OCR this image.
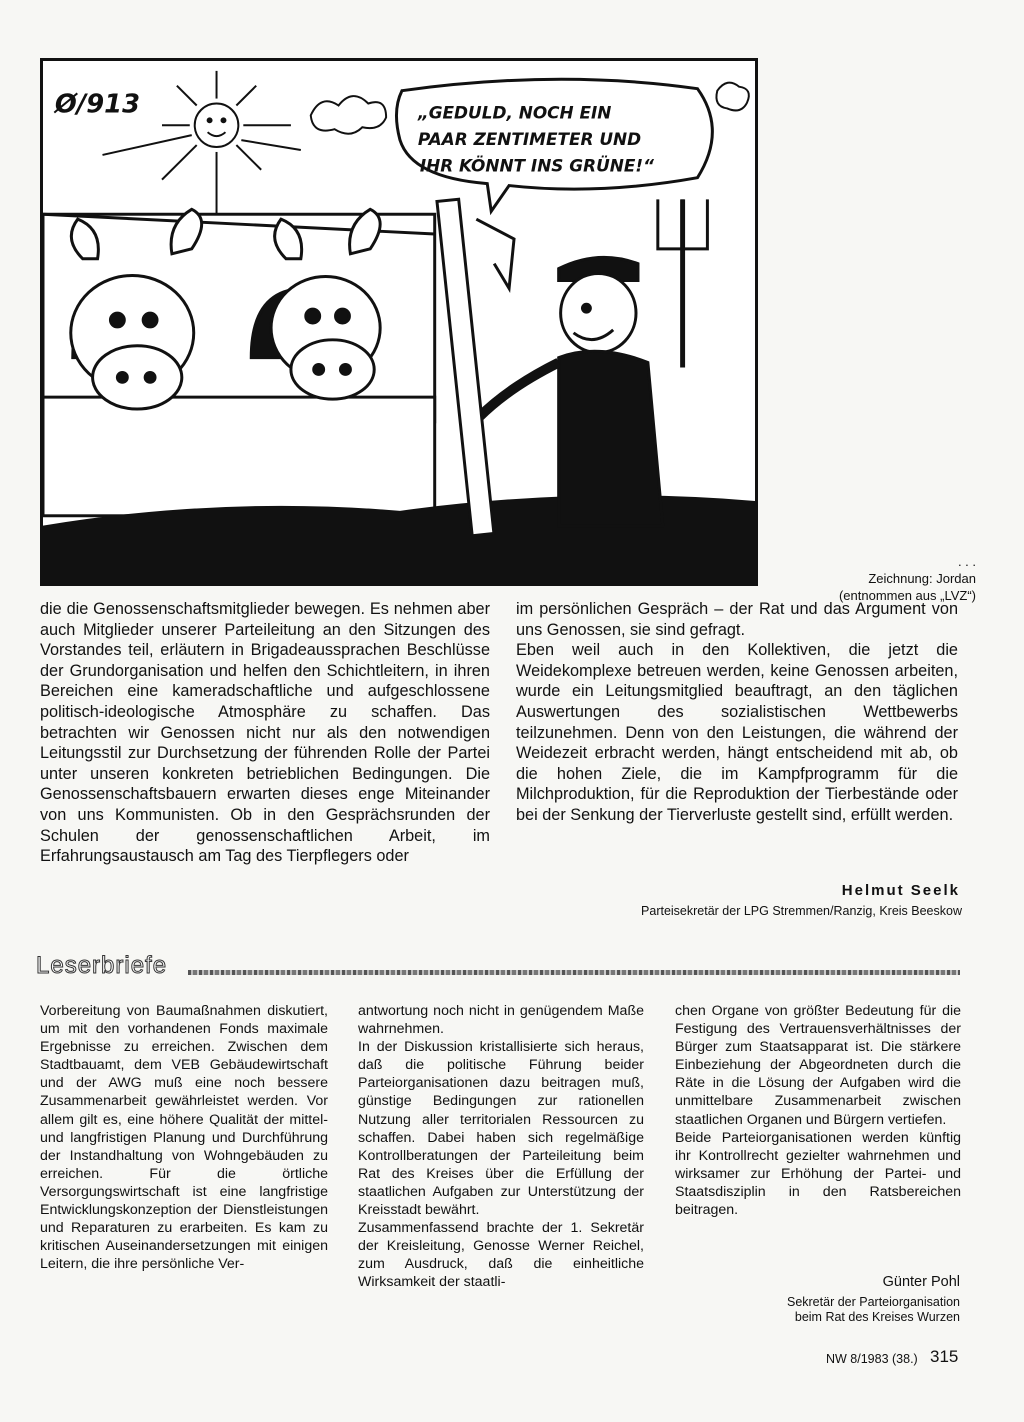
Ø/913	„GEDULD, NOCH EIN
PAAR ZENTIMETER UND
IHR KÖNNT INS GRÜNE!“
. . .
Zeichnung: Jordan
(entnommen aus „LVZ“)

die die Genossenschaftsmitglieder bewegen. Es nehmen aber auch Mitglieder unserer Parteileitung an den Sitzungen des Vorstandes teil, erläutern in Brigadeaussprachen Beschlüsse der Grundorganisation und helfen den Schichtleitern, in ihren Bereichen eine kameradschaftliche und aufgeschlossene politisch-ideologische Atmosphäre zu schaffen. Das betrachten wir Genossen nicht nur als den notwendigen Leitungsstil zur Durchsetzung der führenden Rolle der Partei unter unseren konkreten betrieblichen Bedingungen. Die Genossenschaftsbauern erwarten dieses enge Miteinander von uns Kommunisten. Ob in den Gesprächsrunden der Schulen der genossenschaftlichen Arbeit, im Erfahrungsaustausch am Tag des Tierpflegers oder

im persönlichen Gespräch – der Rat und das Argument von uns Genossen, sie sind gefragt.

Eben weil auch in den Kollektiven, die jetzt die Weidekomplexe betreuen werden, keine Genossen arbeiten, wurde ein Leitungsmitglied beauftragt, an den täglichen Auswertungen des sozialistischen Wettbewerbs teilzunehmen. Denn von den Leistungen, die während der Weidezeit erbracht werden, hängt entscheidend mit ab, ob die hohen Ziele, die im Kampfprogramm für die Milchproduktion, für die Reproduktion der Tierbestände oder bei der Senkung der Tierverluste gestellt sind, erfüllt werden.

Helmut Seelk
Parteisekretär der LPG Stremmen/Ranzig, Kreis Beeskow
Leserbriefe

Vorbereitung von Baumaßnahmen diskutiert, um mit den vorhandenen Fonds maximale Ergebnisse zu erreichen. Zwischen dem Stadtbauamt, dem VEB Gebäudewirtschaft und der AWG muß eine noch bessere Zusammenarbeit gewährleistet werden. Vor allem gilt es, eine höhere Qualität der mittel- und langfristigen Planung und Durchführung der Instandhaltung von Wohngebäuden zu erreichen. Für die örtliche Versorgungswirtschaft ist eine langfristige Entwicklungskonzeption der Dienstleistungen und Reparaturen zu erarbeiten. Es kam zu kritischen Auseinandersetzungen mit einigen Leitern, die ihre persönliche Ver-

antwortung noch nicht in genügendem Maße wahrnehmen.

In der Diskussion kristallisierte sich heraus, daß die politische Führung beider Parteiorganisationen dazu beitragen muß, günstige Bedingungen zur rationellen Nutzung aller territorialen Ressourcen zu schaffen. Dabei haben sich regelmäßige Kontrollberatungen der Parteileitung beim Rat des Kreises über die Erfüllung der staatlichen Aufgaben zur Unterstützung der Kreisstadt bewährt.

Zusammenfassend brachte der 1. Sekretär der Kreisleitung, Genosse Werner Reichel, zum Ausdruck, daß die einheitliche Wirksamkeit der staatli-

chen Organe von größter Bedeutung für die Festigung des Vertrauensverhältnisses der Bürger zum Staatsapparat ist. Die stärkere Einbeziehung der Abgeordneten durch die Räte in die Lösung der Aufgaben wird die unmittelbare Zusammenarbeit zwischen staatlichen Organen und Bürgern vertiefen.

Beide Parteiorganisationen werden künftig ihr Kontrollrecht gezielter wahrnehmen und wirksamer zur Erhöhung der Partei- und Staatsdisziplin in den Ratsbereichen beitragen.

Günter Pohl
Sekretär der Parteiorganisation
beim Rat des Kreises Wurzen
NW 8/1983 (38.) 315
